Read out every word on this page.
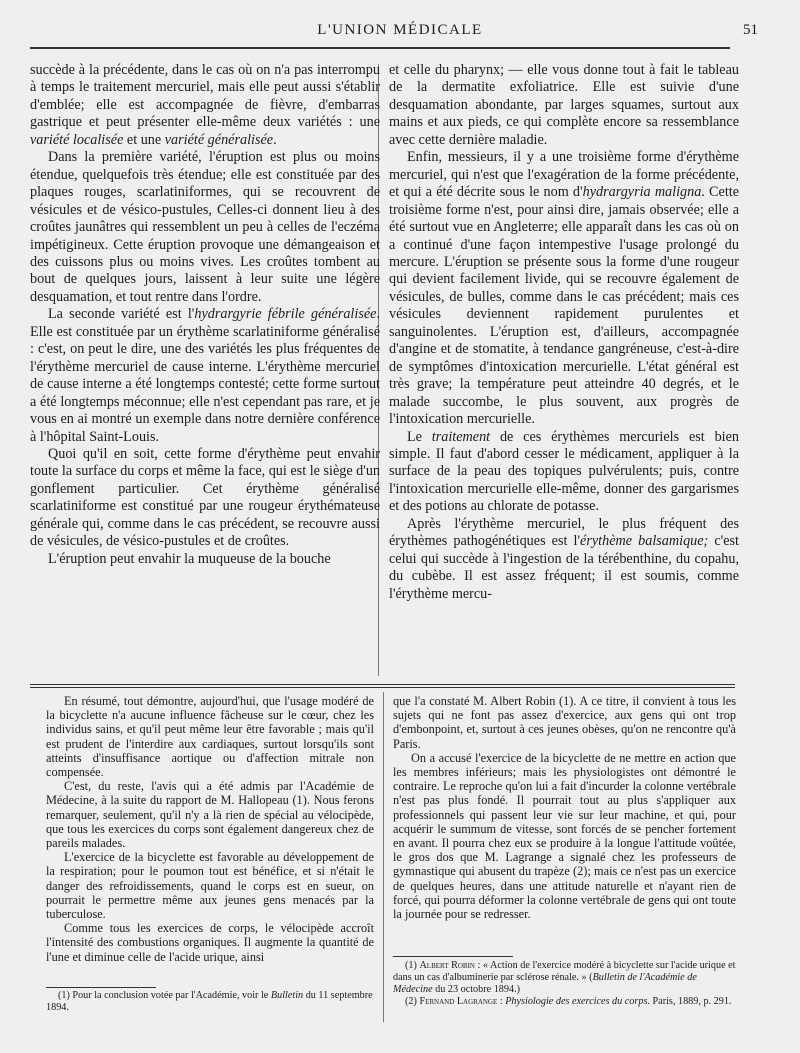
L'UNION MÉDICALE	51

succède à la précédente, dans le cas où on n'a pas interrompu à temps le traitement mercuriel, mais elle peut aussi s'établir d'emblée; elle est accompagnée de fièvre, d'embarras gastrique et peut présenter elle-même deux variétés : une variété localisée et une variété généralisée.

Dans la première variété, l'éruption est plus ou moins étendue, quelquefois très étendue; elle est constituée par des plaques rouges, scarlatiniformes, qui se recouvrent de vésicules et de vésico-pustules, Celles-ci donnent lieu à des croûtes jaunâtres qui ressemblent un peu à celles de l'eczéma impétigineux. Cette éruption provoque une démangeaison et des cuissons plus ou moins vives. Les croûtes tombent au bout de quelques jours, laissent à leur suite une légère desquamation, et tout rentre dans l'ordre.

La seconde variété est l'hydrargyrie fébrile généralisée. Elle est constituée par un érythème scarlatiniforme généralisé : c'est, on peut le dire, une des variétés les plus fréquentes de l'érythème mercuriel de cause interne. L'érythème mercuriel de cause interne a été longtemps contesté; cette forme surtout a été longtemps méconnue; elle n'est cependant pas rare, et je vous en ai montré un exemple dans notre dernière conférence à l'hôpital Saint-Louis.

Quoi qu'il en soit, cette forme d'érythème peut envahir toute la surface du corps et même la face, qui est le siège d'un gonflement particulier. Cet érythème généralisé scarlatiniforme est constitué par une rougeur érythémateuse générale qui, comme dans le cas précédent, se recouvre aussi de vésicules, de vésico-pustules et de croûtes.

L'éruption peut envahir la muqueuse de la bouche

et celle du pharynx; — elle vous donne tout à fait le tableau de la dermatite exfoliatrice. Elle est suivie d'une desquamation abondante, par larges squames, surtout aux mains et aux pieds, ce qui complète encore sa ressemblance avec cette dernière maladie.

Enfin, messieurs, il y a une troisième forme d'érythème mercuriel, qui n'est que l'exagération de la forme précédente, et qui a été décrite sous le nom d'hydrargyria maligna. Cette troisième forme n'est, pour ainsi dire, jamais observée; elle a été surtout vue en Angleterre; elle apparaît dans les cas où on a continué d'une façon intempestive l'usage prolongé du mercure. L'éruption se présente sous la forme d'une rougeur qui devient facilement livide, qui se recouvre également de vésicules, de bulles, comme dans le cas précédent; mais ces vésicules deviennent rapidement purulentes et sanguinolentes. L'éruption est, d'ailleurs, accompagnée d'angine et de stomatite, à tendance gangréneuse, c'est-à-dire de symptômes d'intoxication mercurielle. L'état général est très grave; la température peut atteindre 40 degrés, et le malade succombe, le plus souvent, aux progrès de l'intoxication mercurielle.

Le traitement de ces érythèmes mercuriels est bien simple. Il faut d'abord cesser le médicament, appliquer à la surface de la peau des topiques pulvérulents; puis, contre l'intoxication mercurielle elle-même, donner des gargarismes et des potions au chlorate de potasse.

Après l'érythème mercuriel, le plus fréquent des érythèmes pathogénétiques est l'érythème balsamique; c'est celui qui succède à l'ingestion de la térébenthine, du copahu, du cubèbe. Il est assez fréquent; il est soumis, comme l'érythème mercu-

En résumé, tout démontre, aujourd'hui, que l'usage modéré de la bicyclette n'a aucune influence fâcheuse sur le cœur, chez les individus sains, et qu'il peut même leur être favorable ; mais qu'il est prudent de l'interdire aux cardiaques, surtout lorsqu'ils sont atteints d'insuffisance aortique ou d'affection mitrale non compensée.

C'est, du reste, l'avis qui a été admis par l'Académie de Médecine, à la suite du rapport de M. Hallopeau (1). Nous ferons remarquer, seulement, qu'il n'y a là rien de spécial au vélocipède, que tous les exercices du corps sont également dangereux chez de pareils malades.

L'exercice de la bicyclette est favorable au développement de la respiration; pour le poumon tout est bénéfice, et si n'était le danger des refroidissements, quand le corps est en sueur, on pourrait le permettre même aux jeunes gens menacés par la tuberculose.

Comme tous les exercices de corps, le vélocipède accroît l'intensité des combustions organiques. Il augmente la quantité de l'une et diminue celle de l'acide urique, ainsi

(1) Pour la conclusion votée par l'Académie, voir le Bulletin du 11 septembre 1894.

que l'a constaté M. Albert Robin (1). A ce titre, il convient à tous les sujets qui ne font pas assez d'exercice, aux gens qui ont trop d'embonpoint, et, surtout à ces jeunes obèses, qu'on ne rencontre qu'à Paris.

On a accusé l'exercice de la bicyclette de ne mettre en action que les membres inférieurs; mais les physiologistes ont démontré le contraire. Le reproche qu'on lui a fait d'incurder la colonne vertébrale n'est pas plus fondé. Il pourrait tout au plus s'appliquer aux professionnels qui passent leur vie sur leur machine, et qui, pour acquérir le summum de vitesse, sont forcés de se pencher fortement en avant. Il pourra chez eux se produire à la longue l'attitude voûtée, le gros dos que M. Lagrange a signalé chez les professeurs de gymnastique qui abusent du trapèze (2); mais ce n'est pas un exercice de quelques heures, dans une attitude naturelle et n'ayant rien de forcé, qui pourra déformer la colonne vertébrale de gens qui ont toute la journée pour se redresser.

(1) Albert Robin : « Action de l'exercice modéré à bicyclette sur l'acide urique et dans un cas d'albuminerie par sclérose rénale. » (Bulletin de l'Académie de Médecine du 23 octobre 1894.)

(2) Fernand Lagrange : Physiologie des exercices du corps. Paris, 1889, p. 291.
